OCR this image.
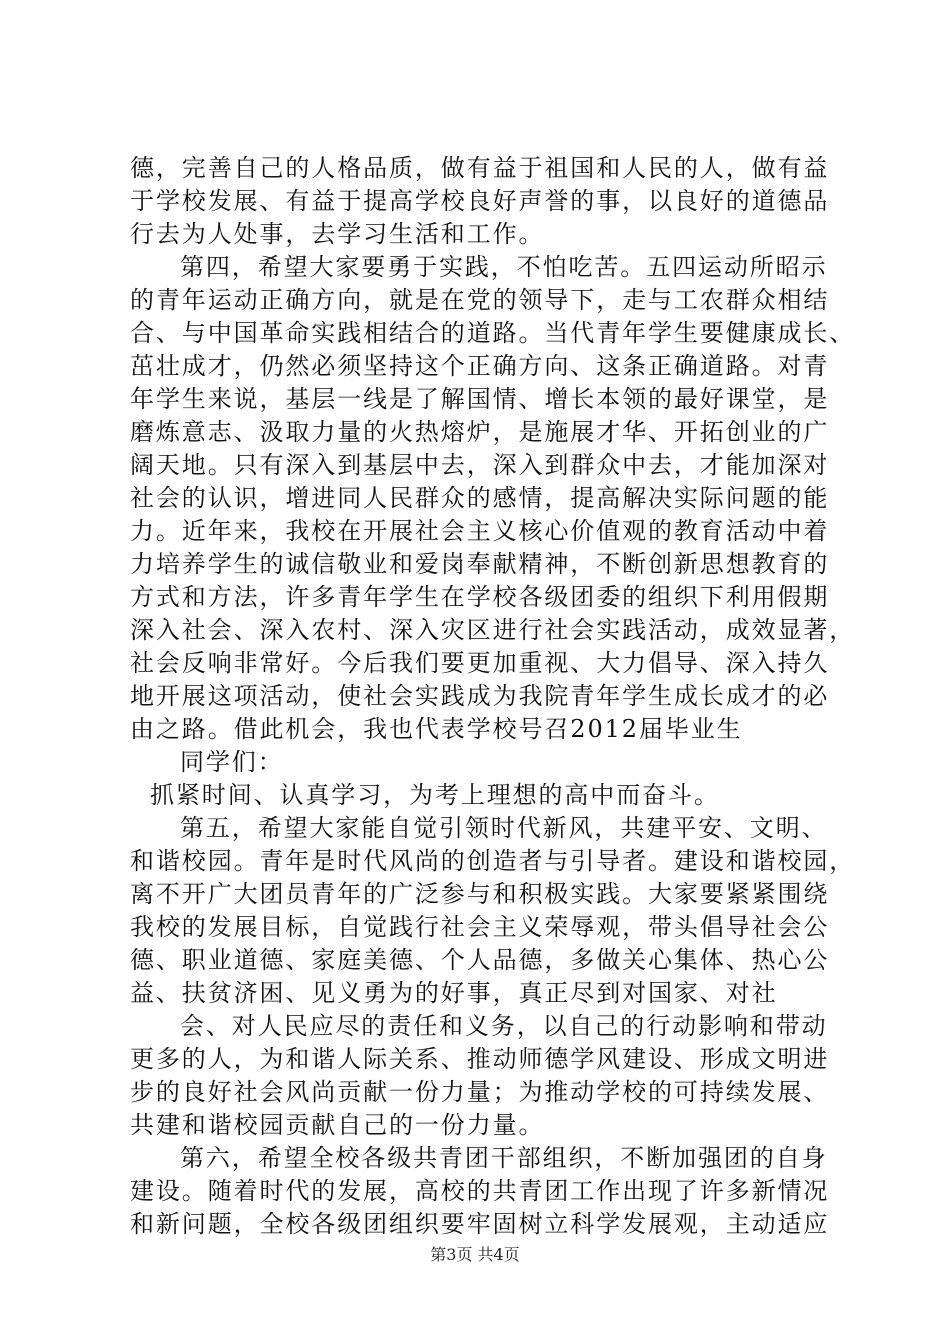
德，完善自己的人格品质，做有益于祖国和人民的人，做有益
于学校发展、有益于提高学校良好声誉的事，以良好的道德品
行去为人处事，去学习生活和工作。
第四，希望大家要勇于实践，不怕吃苦。五四运动所昭示
的青年运动正确方向，就是在党的领导下，走与工农群众相结
合、与中国革命实践相结合的道路。当代青年学生要健康成长、
茁壮成才，仍然必须坚持这个正确方向、这条正确道路。对青
年学生来说，基层一线是了解国情、增长本领的最好课堂，是
磨炼意志、汲取力量的火热熔炉，是施展才华、开拓创业的广
阔天地。只有深入到基层中去，深入到群众中去，才能加深对
社会的认识，增进同人民群众的感情，提高解决实际问题的能
力。近年来，我校在开展社会主义核心价值观的教育活动中着
力培养学生的诚信敬业和爱岗奉献精神，不断创新思想教育的
方式和方法，许多青年学生在学校各级团委的组织下利用假期
深入社会、深入农村、深入灾区进行社会实践活动，成效显著，
社会反响非常好。今后我们要更加重视、大力倡导、深入持久
地开展这项活动，使社会实践成为我院青年学生成长成才的必
由之路。借此机会，我也代表学校号召2012届毕业生
同学们：
抓紧时间、认真学习，为考上理想的高中而奋斗。
第五，希望大家能自觉引领时代新风，共建平安、文明、
和谐校园。青年是时代风尚的创造者与引导者。建设和谐校园，
离不开广大团员青年的广泛参与和积极实践。大家要紧紧围绕
我校的发展目标，自觉践行社会主义荣辱观，带头倡导社会公
德、职业道德、家庭美德、个人品德，多做关心集体、热心公
益、扶贫济困、见义勇为的好事，真正尽到对国家、对社
会、对人民应尽的责任和义务，以自己的行动影响和带动
更多的人，为和谐人际关系、推动师德学风建设、形成文明进
步的良好社会风尚贡献一份力量；为推动学校的可持续发展、
共建和谐校园贡献自己的一份力量。
第六，希望全校各级共青团干部组织，不断加强团的自身
建设。随着时代的发展，高校的共青团工作出现了许多新情况
和新问题，全校各级团组织要牢固树立科学发展观，主动适应
第3页 共4页
